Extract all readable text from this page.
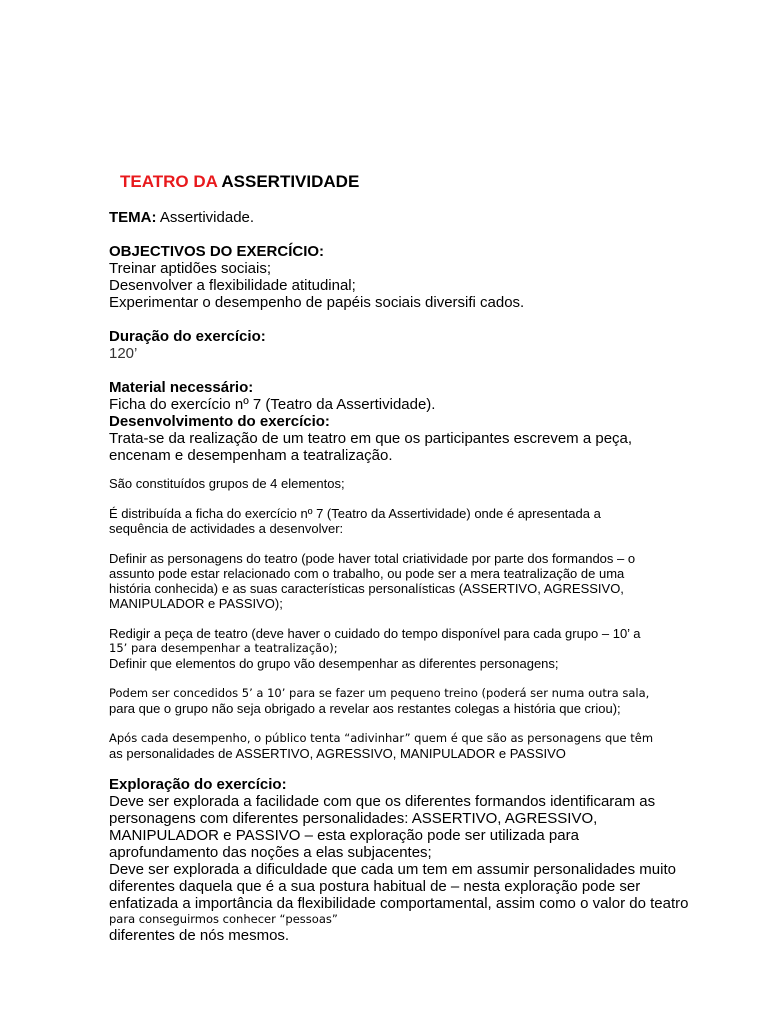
TEATRO DA ASSERTIVIDADE

TEMA: Assertividade.

OBJECTIVOS DO EXERCÍCIO:

Treinar aptidões sociais;

Desenvolver a flexibilidade atitudinal;

Experimentar o desempenho de papéis sociais diversifi cados.

Duração do exercício:

120’

Material necessário:

Ficha do exercício nº 7 (Teatro da Assertividade).

Desenvolvimento do exercício:

Trata-se da realização de um teatro em que os participantes escrevem a peça,

encenam e desempenham a teatralização.

São constituídos grupos de 4 elementos;

É distribuída a ficha do exercício nº 7 (Teatro da Assertividade) onde é apresentada a

sequência de actividades a desenvolver:

Definir as personagens do teatro (pode haver total criatividade por parte dos formandos – o

assunto pode estar relacionado com o trabalho, ou pode ser a mera teatralização de uma

história conhecida) e as suas características personalísticas (ASSERTIVO, AGRESSIVO,

MANIPULADOR e PASSIVO);

Redigir a peça de teatro (deve haver o cuidado do tempo disponível para cada grupo – 10’ a

15’ para desempenhar a teatralização);

Definir que elementos do grupo vão desempenhar as diferentes personagens;

Podem ser concedidos 5’ a 10’ para se fazer um pequeno treino (poderá ser numa outra sala,

para que o grupo não seja obrigado a revelar aos restantes colegas a história que criou);

Após cada desempenho, o público tenta “adivinhar” quem é que são as personagens que têm

as personalidades de ASSERTIVO, AGRESSIVO, MANIPULADOR e PASSIVO

Exploração do exercício:

Deve ser explorada a facilidade com que os diferentes formandos identificaram as

personagens com diferentes personalidades: ASSERTIVO, AGRESSIVO,

MANIPULADOR e PASSIVO – esta exploração pode ser utilizada para

aprofundamento das noções a elas subjacentes;

Deve ser explorada a dificuldade que cada um tem em assumir personalidades muito

diferentes daquela que é a sua postura habitual de – nesta exploração pode ser

enfatizada a importância da flexibilidade comportamental, assim como o valor do teatro

para conseguirmos conhecer “pessoas”

diferentes de nós mesmos.
